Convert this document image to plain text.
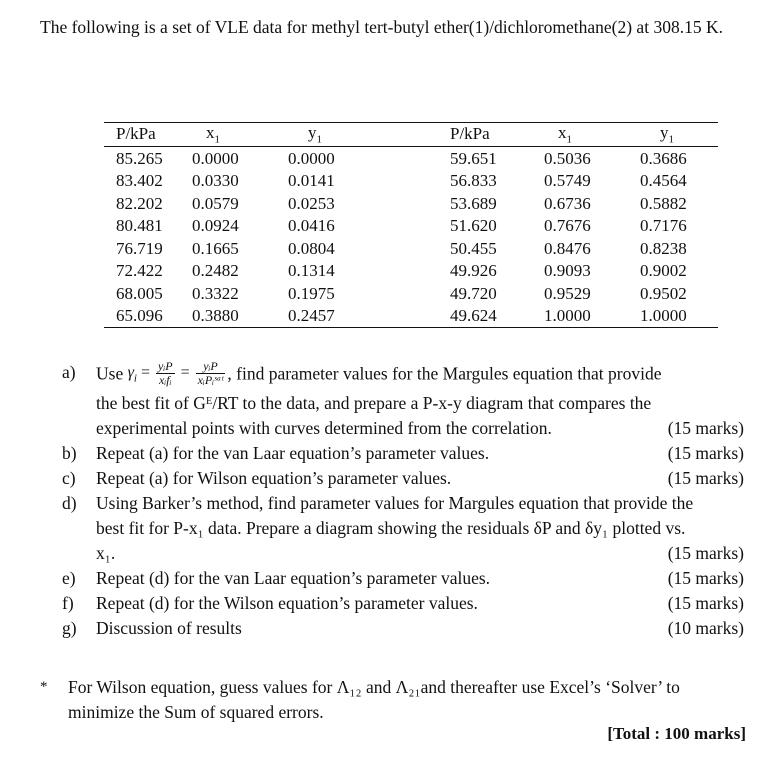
The following is a set of VLE data for methyl tert-butyl ether(1)/dichloromethane(2) at 308.15 K.
P/kPa	$x_1$	$y_1$	P/kPa	$x_1$	$y_1$
85.265	0.0000	0.0000	59.651	0.5036	0.3686
83.402	0.0330	0.0141	56.833	0.5749	0.4564
82.202	0.0579	0.0253	53.689	0.6736	0.5882
80.481	0.0924	0.0416	51.620	0.7676	0.7176
76.719	0.1665	0.0804	50.455	0.8476	0.8238
72.422	0.2482	0.1314	49.926	0.9093	0.9002
68.005	0.3322	0.1975	49.720	0.9529	0.9502
65.096	0.3880	0.2457	49.624	1.0000	1.0000
a)	Use $\gamma_i = \frac{\text{yᵢP}}{\text{xᵢfᵢ}} = \frac{\text{yᵢP}}{\text{xᵢPᵢˢᵃᵗ}}$ , find parameter values for the Margules equation that provide
the best fit of Gᴱ/RT to the data, and prepare a P-x-y diagram that compares the
experimental points with curves determined from the correlation.	(15 marks)
b)	Repeat (a) for the van Laar equation’s parameter values.	(15 marks)
c)	Repeat (a) for Wilson equation’s parameter values.	(15 marks)
d)	Using Barker’s method, find parameter values for Margules equation that provide the
best fit for P-x₁ data. Prepare a diagram showing the residuals δP and δy₁ plotted vs.
x₁.	(15 marks)
e)	Repeat (d) for the van Laar equation’s parameter values.	(15 marks)
f)	Repeat (d) for the Wilson equation’s parameter values.	(15 marks)
g)	Discussion of results	(10 marks)
*	For Wilson equation, guess values for Λ₁₂ and Λ₂₁and thereafter use Excel’s ‘Solver’ to
minimize the Sum of squared errors.
[Total : 100 marks]
